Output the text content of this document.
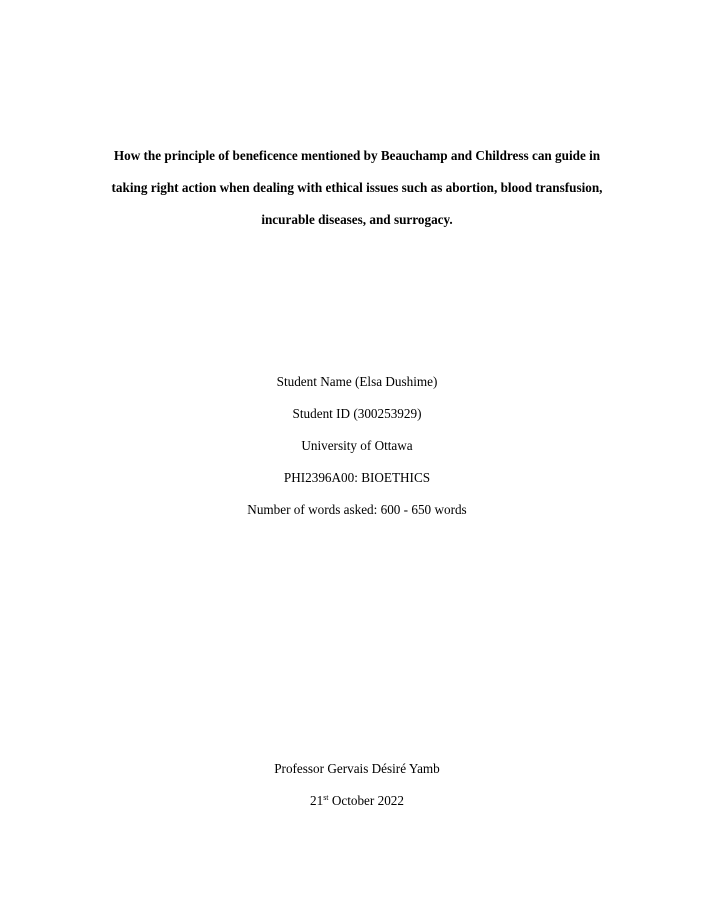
How the principle of beneficence mentioned by Beauchamp and Childress can guide in
taking right action when dealing with ethical issues such as abortion, blood transfusion,
incurable diseases, and surrogacy.
Student Name (Elsa Dushime)
Student ID (300253929)
University of Ottawa
PHI2396A00: BIOETHICS
Number of words asked: 600 - 650 words
Professor Gervais Désiré Yamb
21st October 2022
